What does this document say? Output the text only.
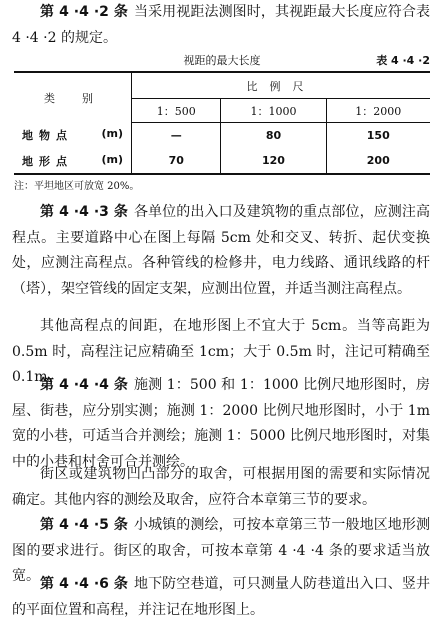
第 4 ·4 ·2 条 当采用视距法测图时，其视距最大长度应符合表 4 ·4 ·2 的规定。

视距的最大长度	表 4 ·4 ·2
类　别	比例尺		
	1：500	1：1000	1：2000
地物点 (m)	—	80	150
地形点 (m)	70	120	200
注：平坦地区可放宽 20%。

第 4 ·4 ·3 条 各单位的出入口及建筑物的重点部位，应测注高程点。主要道路中心在图上每隔 5cm 处和交叉、转折、起伏变换处，应测注高程点。各种管线的检修井，电力线路、通讯线路的杆（塔），架空管线的固定支架，应测出位置，并适当测注高程点。

其他高程点的间距，在地形图上不宜大于 5cm。当等高距为 0.5m 时，高程注记应精确至 1cm；大于 0.5m 时，注记可精确至 0.1m。

第 4 ·4 ·4 条 施测 1：500 和 1：1000 比例尺地形图时，房屋、街巷，应分别实测；施测 1：2000 比例尺地形图时，小于 1m 宽的小巷，可适当合并测绘；施测 1：5000 比例尺地形图时，对集中的小巷和村舍可合并测绘。

街区或建筑物凹凸部分的取舍，可根据用图的需要和实际情况确定。其他内容的测绘及取舍，应符合本章第三节的要求。

第 4 ·4 ·5 条 小城镇的测绘，可按本章第三节一般地区地形测图的要求进行。街区的取舍，可按本章第 4 ·4 ·4 条的要求适当放宽。 第 4 ·4 ·6 条 地下防空巷道，可只测量人防巷道出入口、竖井的平面位置和高程，并注记在地形图上。
